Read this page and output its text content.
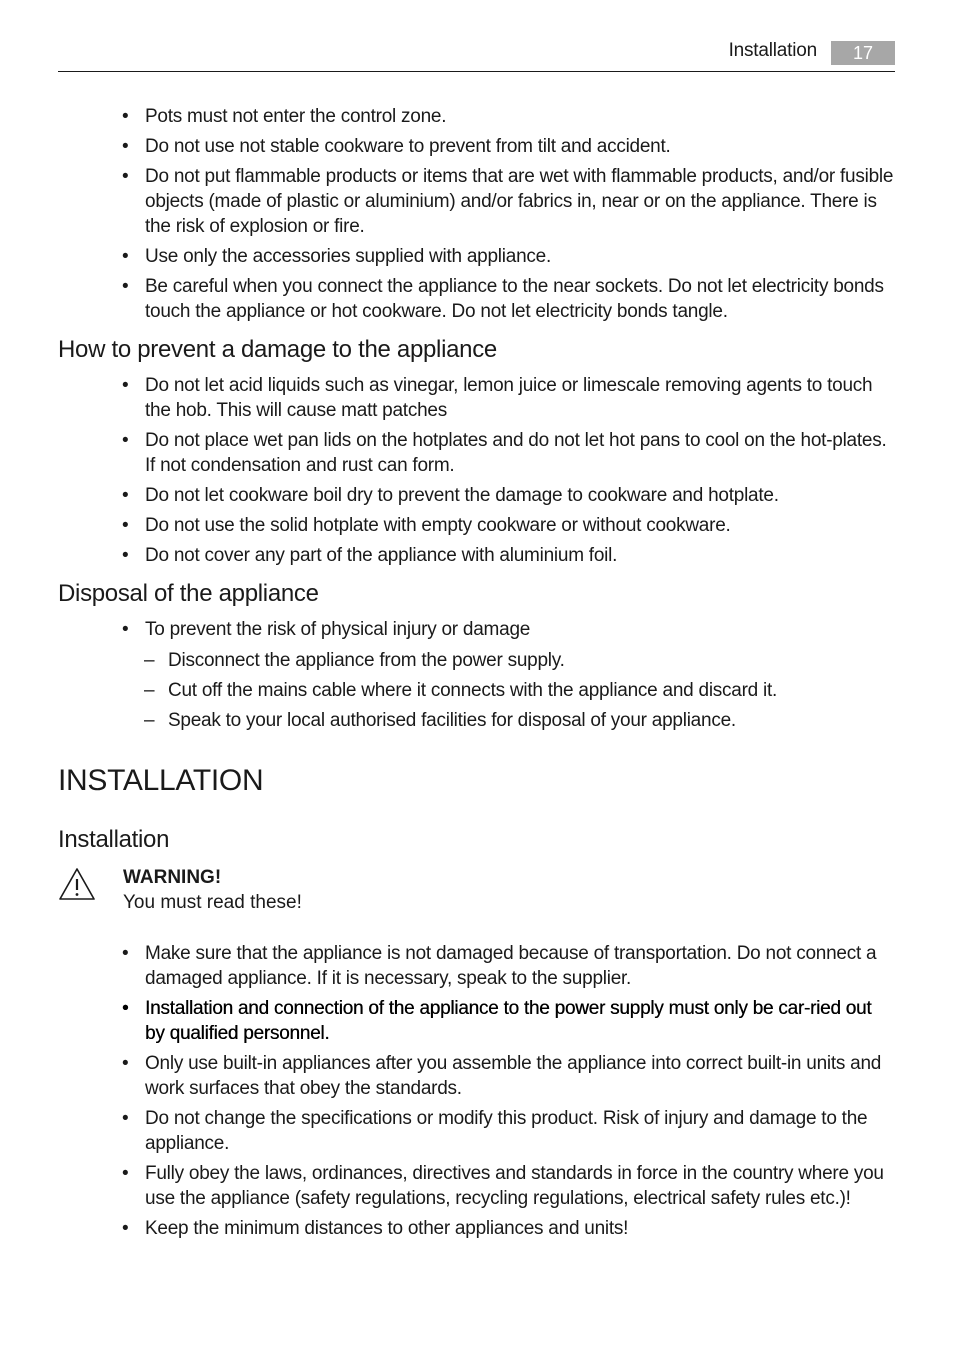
Installation	17
• Pots must not enter the control zone.
• Do not use not stable cookware to prevent from tilt and accident.
• Do not put flammable products or items that are wet with flammable products, and/or fusible objects (made of plastic or aluminium) and/or fabrics in, near or on the appliance. There is the risk of explosion or fire.
• Use only the accessories supplied with appliance.
• Be careful when you connect the appliance to the near sockets. Do not let electricity bonds touch the appliance or hot cookware. Do not let electricity bonds tangle.
How to prevent a damage to the appliance
• Do not let acid liquids such as vinegar, lemon juice or limescale removing agents to touch the hob. This will cause matt patches
• Do not place wet pan lids on the hotplates and do not let hot pans to cool on the hot-plates. If not condensation and rust can form.
• Do not let cookware boil dry to prevent the damage to cookware and hotplate.
• Do not use the solid hotplate with empty cookware or without cookware.
• Do not cover any part of the appliance with aluminium foil.
Disposal of the appliance
• To prevent the risk of physical injury or damage
– Disconnect the appliance from the power supply.
– Cut off the mains cable where it connects with the appliance and discard it.
– Speak to your local authorised facilities for disposal of your appliance.
INSTALLATION
Installation
WARNING!
You must read these!
• Make sure that the appliance is not damaged because of transportation. Do not connect a damaged appliance. If it is necessary, speak to the supplier.
• Installation and connection of the appliance to the power supply must only be car-ried out by qualified personnel.
• Only use built-in appliances after you assemble the appliance into correct built-in units and work surfaces that obey the standards.
• Do not change the specifications or modify this product. Risk of injury and damage to the appliance.
• Fully obey the laws, ordinances, directives and standards in force in the country where you use the appliance (safety regulations, recycling regulations, electrical safety rules etc.)!
• Keep the minimum distances to other appliances and units!
